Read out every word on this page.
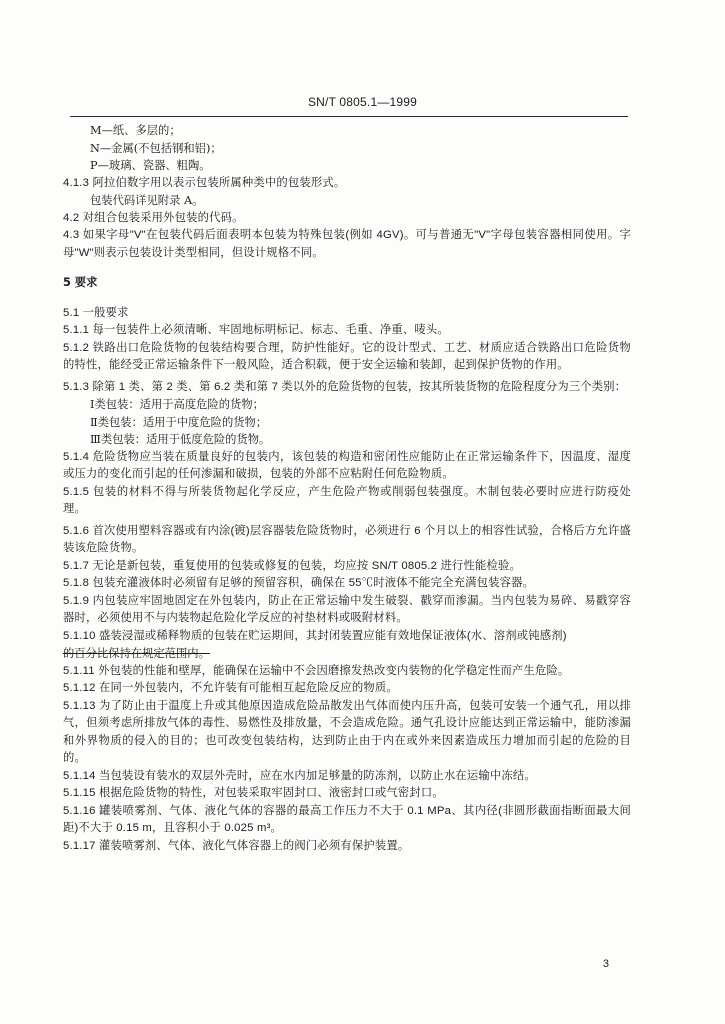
SN/T 0805.1—1999
M—纸、多层的；
N—金属(不包括钢和铝)；
P—玻璃、瓷器、粗陶。
4.1.3 阿拉伯数字用以表示包装所属种类中的包装形式。
包装代码详见附录 A。
4.2 对组合包装采用外包装的代码。
4.3 如果字母"V"在包装代码后面表明本包装为特殊包装(例如 4GV)。可与普通无"V"字母包装容器相同使用。字母"W"则表示包装设计类型相同，但设计规格不同。
5 要求
5.1 一般要求
5.1.1 每一包装件上必须清晰、牢固地标明标记、标志、毛重、净重、唛头。
5.1.2 铁路出口危险货物的包装结构要合理，防护性能好。它的设计型式、工艺、材质应适合铁路出口危险货物的特性，能经受正常运输条件下一般风险，适合积载，便于安全运输和装卸，起到保护货物的作用。
5.1.3 除第 1 类、第 2 类、第 6.2 类和第 7 类以外的危险货物的包装，按其所装货物的危险程度分为三个类别：
Ⅰ类包装：适用于高度危险的货物；
Ⅱ类包装：适用于中度危险的货物；
Ⅲ类包装：适用于低度危险的货物。
5.1.4 危险货物应当装在质量良好的包装内，该包装的构造和密闭性应能防止在正常运输条件下，因温度、湿度或压力的变化而引起的任何渗漏和破损，包装的外部不应粘附任何危险物质。
5.1.5 包装的材料不得与所装货物起化学反应，产生危险产物或削弱包装强度。木制包装必要时应进行防疫处理。
5.1.6 首次使用塑料容器或有内涂(镀)层容器装危险货物时，必须进行 6 个月以上的相容性试验，合格后方允许盛装该危险货物。
5.1.7 无论是新包装，重复使用的包装或修复的包装，均应按 SN/T 0805.2 进行性能检验。
5.1.8 包装充灌液体时必须留有足够的预留容积，确保在 55℃时液体不能完全充满包装容器。
5.1.9 内包装应牢固地固定在外包装内，防止在正常运输中发生破裂、戳穿而渗漏。当内包装为易碎、易戳穿容器时，必须使用不与内装物起危险化学反应的衬垫材料或吸附材料。
5.1.10 盛装浸湿或稀释物质的包装在贮运期间，其封闭装置应能有效地保证液体(水、溶剂或钝感剂)
的百分比保持在规定范围内。
5.1.11 外包装的性能和壁厚，能确保在运输中不会因磨擦发热改变内装物的化学稳定性而产生危险。
5.1.12 在同一外包装内，不允许装有可能相互起危险反应的物质。
5.1.13 为了防止由于温度上升或其他原因造成危险品散发出气体而使内压升高，包装可安装一个通气孔，用以排气，但须考虑所排放气体的毒性、易燃性及排放量，不会造成危险。通气孔设计应能达到正常运输中，能防渗漏和外界物质的侵入的目的；也可改变包装结构，达到防止由于内在或外来因素造成压力增加而引起的危险的目的。
5.1.14 当包装设有装水的双层外壳时，应在水内加足够量的防冻剂，以防止水在运输中冻结。
5.1.15 根据危险货物的特性，对包装采取牢固封口、液密封口或气密封口。
5.1.16 罐装喷雾剂、气体、液化气体的容器的最高工作压力不大于 0.1 MPa、其内径(非圆形截面指断面最大间距)不大于 0.15 m，且容积小于 0.025 m³。
5.1.17 灌装喷雾剂、气体、液化气体容器上的阀门必须有保护装置。
3
